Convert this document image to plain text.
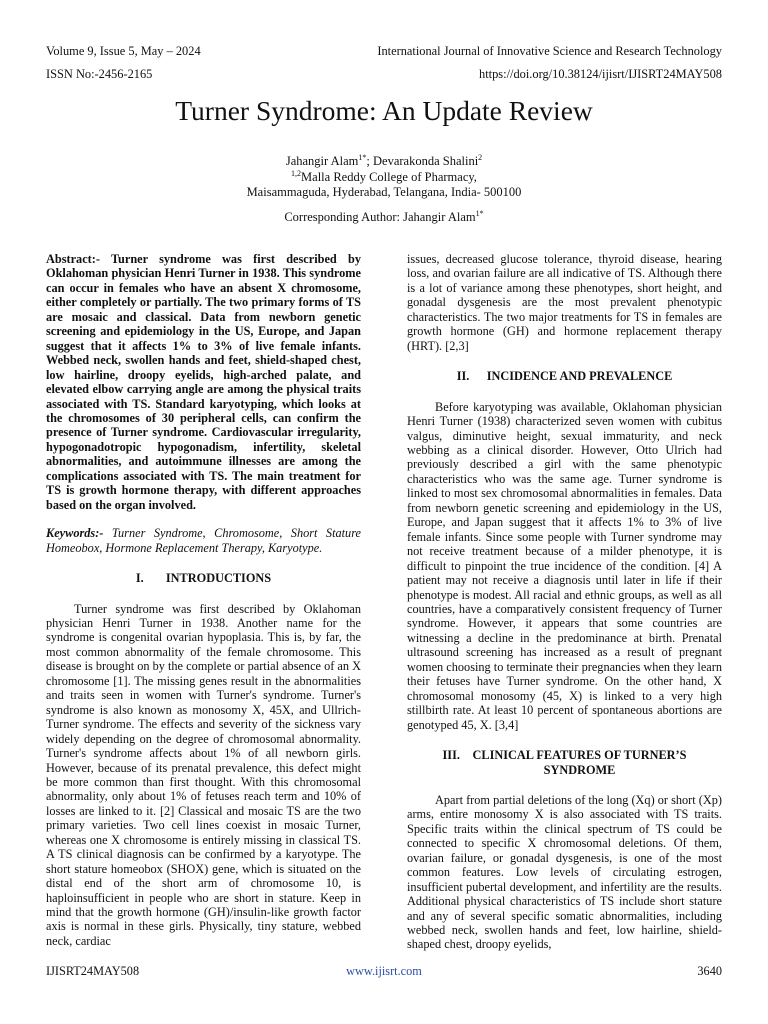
Volume 9, Issue 5, May – 2024	International Journal of Innovative Science and Research Technology
ISSN No:-2456-2165	https://doi.org/10.38124/ijisrt/IJISRT24MAY508
Turner Syndrome: An Update Review
Jahangir Alam$^{1*}$; Devarakonda Shalini$^2$
$^{1,2}$Malla Reddy College of Pharmacy,
Maisammaguda, Hyderabad, Telangana, India- 500100
Corresponding Author: Jahangir Alam$^{1*}$

Abstract:- Turner syndrome was first described by Oklahoman physician Henri Turner in 1938. This syndrome can occur in females who have an absent X chromosome, either completely or partially. The two primary forms of TS are mosaic and classical. Data from newborn genetic screening and epidemiology in the US, Europe, and Japan suggest that it affects 1% to 3% of live female infants. Webbed neck, swollen hands and feet, shield-shaped chest, low hairline, droopy eyelids, high-arched palate, and elevated elbow carrying angle are among the physical traits associated with TS. Standard karyotyping, which looks at the chromosomes of 30 peripheral cells, can confirm the presence of Turner syndrome. Cardiovascular irregularity, hypogonadotropic hypogonadism, infertility, skeletal abnormalities, and autoimmune illnesses are among the complications associated with TS. The main treatment for TS is growth hormone therapy, with different approaches based on the organ involved.

Keywords:- Turner Syndrome, Chromosome, Short Stature Homeobox, Hormone Replacement Therapy, Karyotype.

I.	INTRODUCTIONS

Turner syndrome was first described by Oklahoman physician Henri Turner in 1938. Another name for the syndrome is congenital ovarian hypoplasia. This is, by far, the most common abnormality of the female chromosome. This disease is brought on by the complete or partial absence of an X chromosome [1]. The missing genes result in the abnormalities and traits seen in women with Turner's syndrome. Turner's syndrome is also known as monosomy X, 45X, and Ullrich-Turner syndrome. The effects and severity of the sickness vary widely depending on the degree of chromosomal abnormality. Turner's syndrome affects about 1% of all newborn girls. However, because of its prenatal prevalence, this defect might be more common than first thought. With this chromosomal abnormality, only about 1% of fetuses reach term and 10% of losses are linked to it. [2] Classical and mosaic TS are the two primary varieties. Two cell lines coexist in mosaic Turner, whereas one X chromosome is entirely missing in classical TS. A TS clinical diagnosis can be confirmed by a karyotype. The short stature homeobox (SHOX) gene, which is situated on the distal end of the short arm of chromosome 10, is haploinsufficient in people who are short in stature. Keep in mind that the growth hormone (GH)/insulin-like growth factor axis is normal in these girls. Physically, tiny stature, webbed neck, cardiac

issues, decreased glucose tolerance, thyroid disease, hearing loss, and ovarian failure are all indicative of TS. Although there is a lot of variance among these phenotypes, short height, and gonadal dysgenesis are the most prevalent phenotypic characteristics. The two major treatments for TS in females are growth hormone (GH) and hormone replacement therapy (HRT). [2,3]

II.	INCIDENCE AND PREVALENCE

Before karyotyping was available, Oklahoman physician Henri Turner (1938) characterized seven women with cubitus valgus, diminutive height, sexual immaturity, and neck webbing as a clinical disorder. However, Otto Ulrich had previously described a girl with the same phenotypic characteristics who was the same age. Turner syndrome is linked to most sex chromosomal abnormalities in females. Data from newborn genetic screening and epidemiology in the US, Europe, and Japan suggest that it affects 1% to 3% of live female infants. Since some people with Turner syndrome may not receive treatment because of a milder phenotype, it is difficult to pinpoint the true incidence of the condition. [4] A patient may not receive a diagnosis until later in life if their phenotype is modest. All racial and ethnic groups, as well as all countries, have a comparatively consistent frequency of Turner syndrome. However, it appears that some countries are witnessing a decline in the predominance at birth. Prenatal ultrasound screening has increased as a result of pregnant women choosing to terminate their pregnancies when they learn their fetuses have Turner syndrome. On the other hand, X chromosomal monosomy (45, X) is linked to a very high stillbirth rate. At least 10 percent of spontaneous abortions are genotyped 45, X. [3,4]

III.	CLINICAL FEATURES OF TURNER’S
SYNDROME

Apart from partial deletions of the long (Xq) or short (Xp) arms, entire monosomy X is also associated with TS traits. Specific traits within the clinical spectrum of TS could be connected to specific X chromosomal deletions. Of them, ovarian failure, or gonadal dysgenesis, is one of the most common features. Low levels of circulating estrogen, insufficient pubertal development, and infertility are the results. Additional physical characteristics of TS include short stature and any of several specific somatic abnormalities, including webbed neck, swollen hands and feet, low hairline, shield-shaped chest, droopy eyelids,

IJISRT24MAY508	www.ijisrt.com	3640
